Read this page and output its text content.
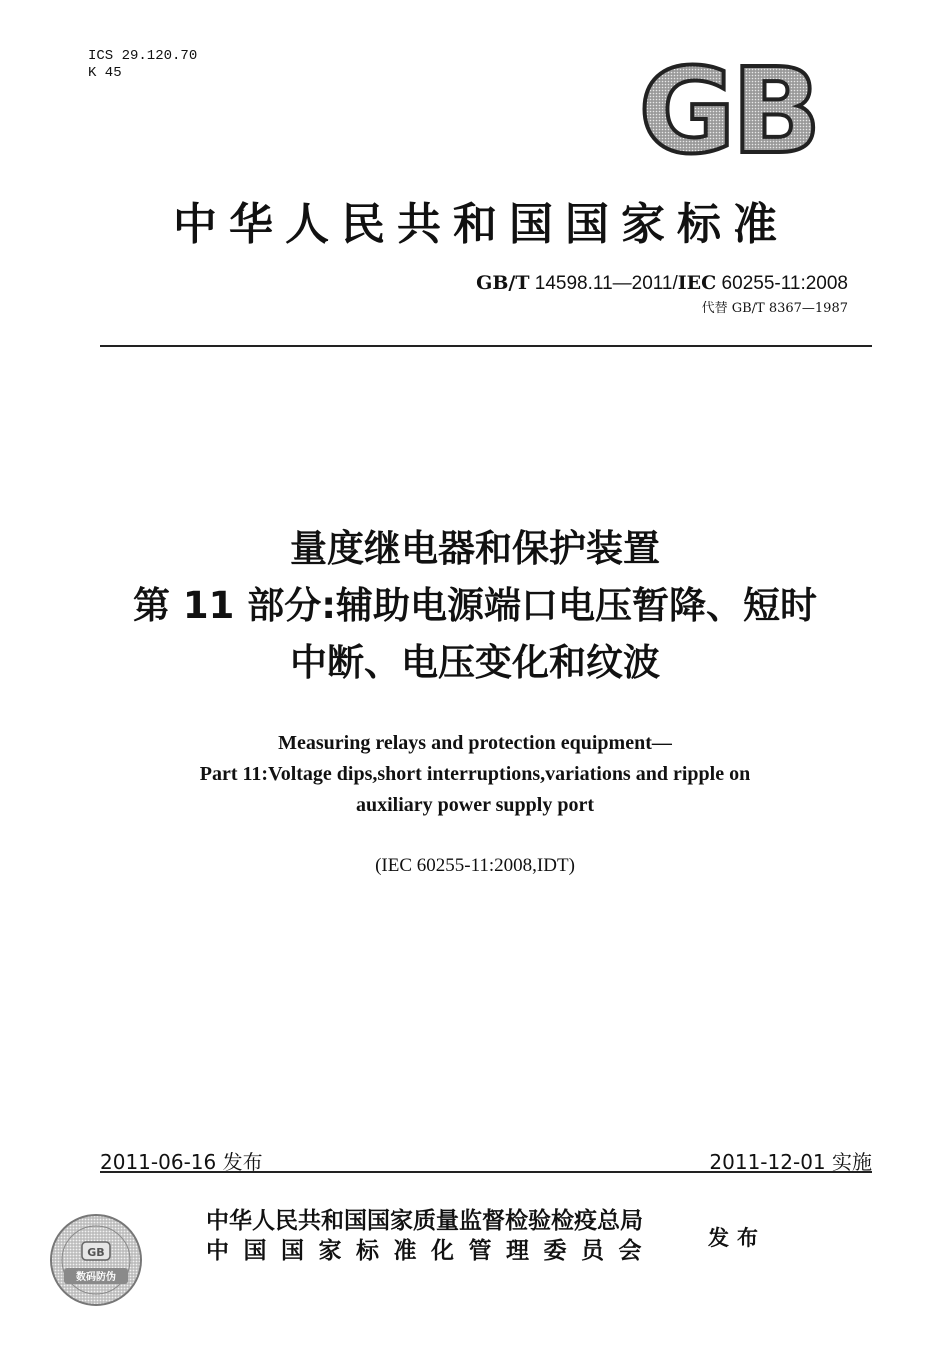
ICS 29.120.70
K 45	GB
中华人民共和国国家标准
GB/T 14598.11—2011/IEC 60255-11:2008
代替 GB/T 8367—1987
量度继电器和保护装置
第 11 部分:辅助电源端口电压暂降、短时
中断、电压变化和纹波
Measuring relays and protection equipment—
Part 11:Voltage dips,short interruptions,variations and ripple on
auxiliary power supply port
(IEC 60255-11:2008,IDT)
2011-06-16 发布	2011-12-01 实施
GB
数码防伪
中华人民共和国国家质量监督检验检疫总局
中国国家标准化管理委员会 发布
